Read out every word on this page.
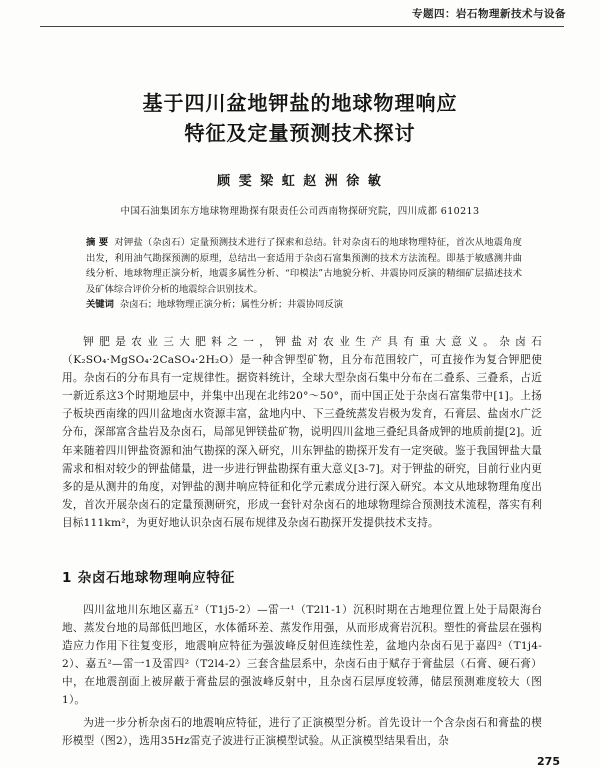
专题四：岩石物理新技术与设备
基于四川盆地钾盐的地球物理响应
特征及定量预测技术探讨
顾 雯 梁 虹 赵 洲 徐 敏
中国石油集团东方地球物理勘探有限责任公司西南物探研究院，四川成都 610213
摘 要 对钾盐（杂卤石）定量预测技术进行了探索和总结。针对杂卤石的地球物理特征，首次从地震角度出发，利用油气勘探预测的原理，总结出一套适用于杂卤石富集预测的技术方法流程。即基于敏感测井曲线分析、地球物理正演分析，地震多属性分析、“印模法”古地貌分析、井震协同反演的精细矿层描述技术及矿体综合评价分析的地震综合识别技术。
关键词 杂卤石；地球物理正演分析；属性分析；井震协同反演
钾肥是农业三大肥料之一，钾盐对农业生产具有重大意义。杂卤石（K₂SO₄·MgSO₄·2CaSO₄·2H₂O）是一种含钾型矿物，且分布范围较广，可直接作为复合钾肥使用。杂卤石的分布具有一定规律性。据资料统计，全球大型杂卤石集中分布在二叠系、三叠系，占近一新近系这3个时期地层中，并集中出现在北纬20°～50°，而中国正处于杂卤石富集带中[1]。上扬子板块西南缘的四川盆地卤水资源丰富，盆地内中、下三叠统蒸发岩极为发育，石膏层、盐卤水广泛分布，深部富含盐岩及杂卤石，局部见钾镁盐矿物，说明四川盆地三叠纪具备成钾的地质前提[2]。近年来随着四川钾盐资源和油气勘探的深入研究，川东钾盐的勘探开发有一定突破。鉴于我国钾盐大量需求和相对较少的钾盐储量，进一步进行钾盐勘探有重大意义[3-7]。对于钾盐的研究，目前行业内更多的是从测井的角度，对钾盐的测井响应特征和化学元素成分进行深入研究。本文从地球物理角度出发，首次开展杂卤石的定量预测研究，形成一套针对杂卤石的地球物理综合预测技术流程，落实有利目标111km²，为更好地认识杂卤石展布规律及杂卤石勘探开发提供技术支持。
1 杂卤石地球物理响应特征
四川盆地川东地区嘉五²（T1j5-2）—雷一¹（T2l1-1）沉积时期在古地理位置上处于局限海台地、蒸发台地的局部低凹地区，水体循环差、蒸发作用强，从而形成膏岩沉积。塑性的膏盐层在强构造应力作用下往复变形，地震响应特征为强波峰反射但连续性差，盆地内杂卤石见于嘉四²（T1j4-2）、嘉五²—雷一1及雷四²（T2l4-2）三套含盐层系中，杂卤石由于赋存于膏盐层（石膏、硬石膏）中，在地震剖面上被屏蔽于膏盐层的强波峰反射中，且杂卤石层厚度较薄，储层预测难度较大（图1）。
为进一步分析杂卤石的地震响应特征，进行了正演模型分析。首先设计一个含杂卤石和膏盐的楔形模型（图2），选用35Hz雷克子波进行正演模型试验。从正演模型结果看出，杂
275
